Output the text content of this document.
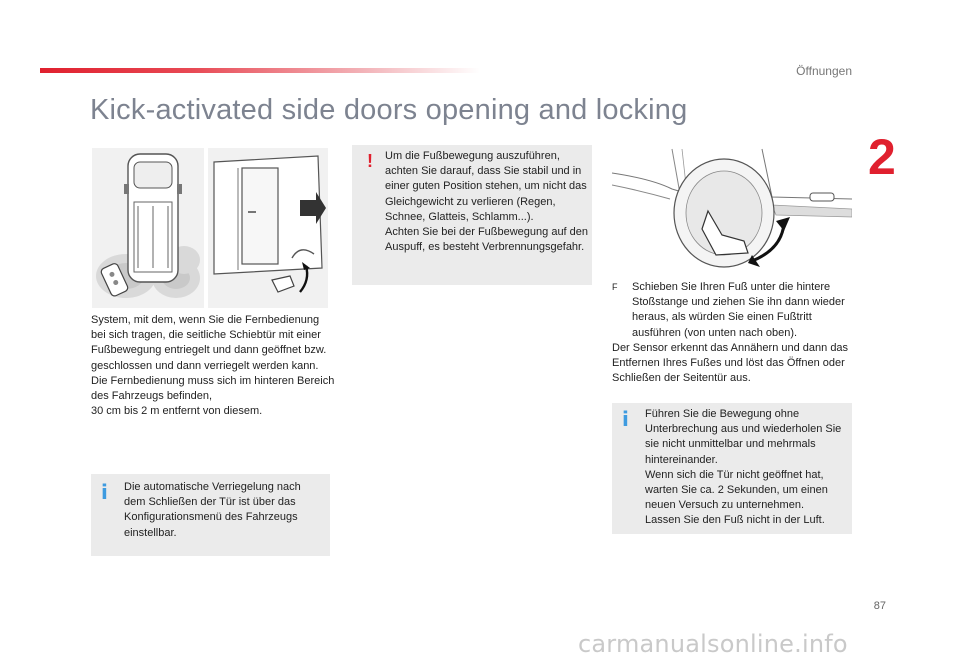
Öffnungen
2
Kick-activated side doors opening and locking
System, mit dem, wenn Sie die Fernbedienung bei sich tragen, die seitliche Schiebtür mit einer Fußbewegung entriegelt und dann geöffnet bzw. geschlossen und dann verriegelt werden kann.
Die Fernbedienung muss sich im hinteren Bereich des Fahrzeugs befinden,
30 cm bis 2 m entfernt von diesem.
i Die automatische Verriegelung nach dem Schließen der Tür ist über das Konfigurationsmenü des Fahrzeugs einstellbar.
Um die Fußbewegung auszuführen, achten Sie darauf, dass Sie stabil und in einer guten Position stehen, um nicht das Gleichgewicht zu verlieren (Regen, Schnee, Glatteis, Schlamm...).
Achten Sie bei der Fußbewegung auf den Auspuff, es besteht Verbrennungsgefahr.
!
F Schieben Sie Ihren Fuß unter die hintere Stoßstange und ziehen Sie ihn dann wieder heraus, als würden Sie einen Fußtritt ausführen (von unten nach oben).
Der Sensor erkennt das Annähern und dann das Entfernen Ihres Fußes und löst das Öffnen oder Schließen der Seitentür aus.
i Führen Sie die Bewegung ohne Unterbrechung aus und wiederholen Sie sie nicht unmittelbar und mehrmals hintereinander.
Wenn sich die Tür nicht geöffnet hat, warten Sie ca. 2 Sekunden, um einen neuen Versuch zu unternehmen.
Lassen Sie den Fuß nicht in der Luft.
87
carmanualsonline.info
